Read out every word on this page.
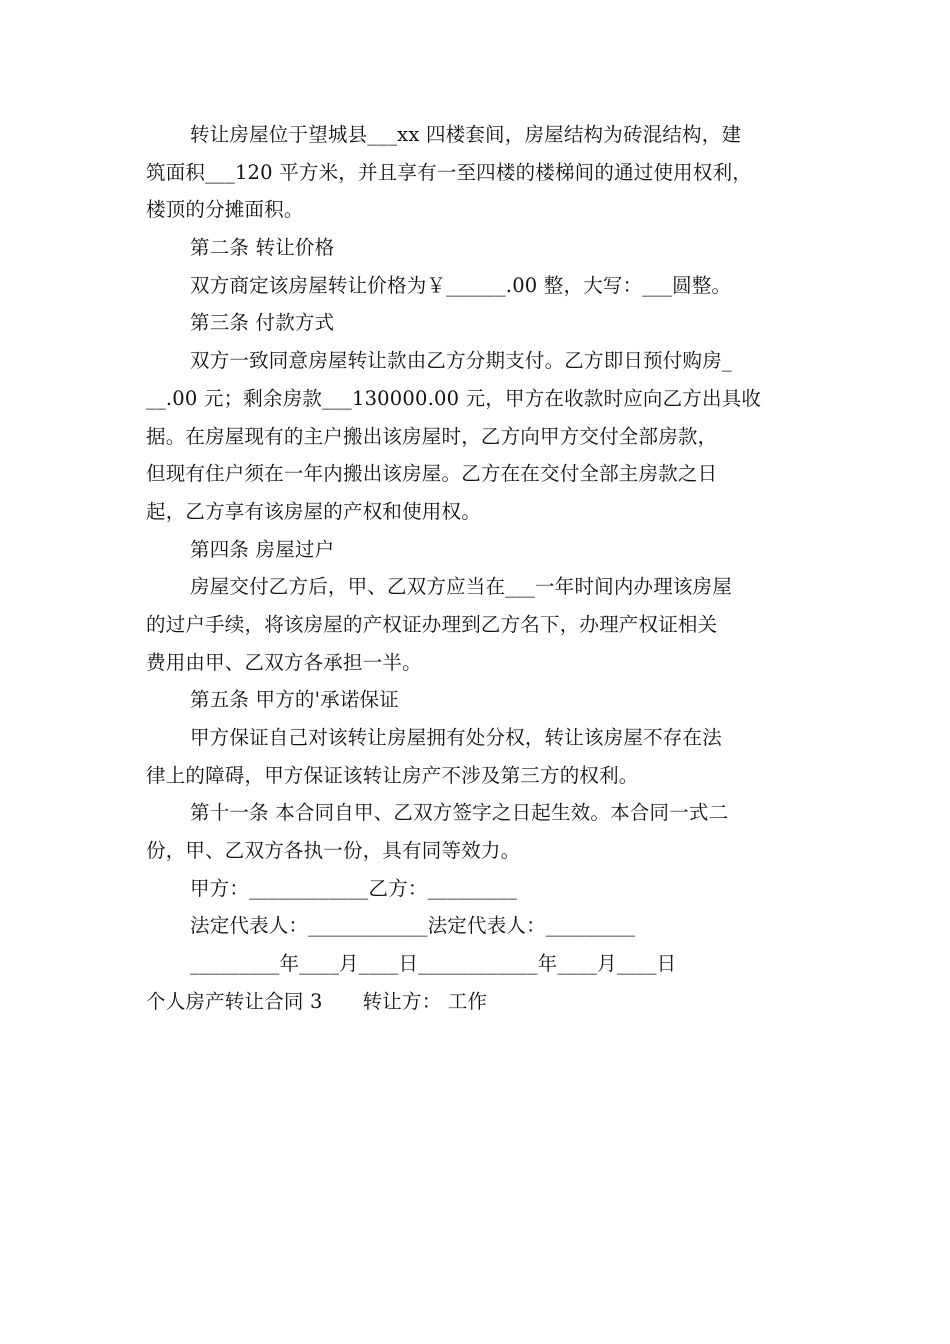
转让房屋位于望城县___xx 四楼套间，房屋结构为砖混结构，建
筑面积___120 平方米，并且享有一至四楼的楼梯间的通过使用权利，
楼顶的分摊面积。
第二条 转让价格
双方商定该房屋转让价格为￥______.00 整，大写：___圆整。
第三条 付款方式
双方一致同意房屋转让款由乙方分期支付。乙方即日预付购房_
__.00 元；剩余房款___130000.00 元，甲方在收款时应向乙方出具收
据。在房屋现有的主户搬出该房屋时，乙方向甲方交付全部房款，
但现有住户须在一年内搬出该房屋。乙方在在交付全部主房款之日
起，乙方享有该房屋的产权和使用权。
第四条 房屋过户
房屋交付乙方后，甲、乙双方应当在___一年时间内办理该房屋
的过户手续，将该房屋的产权证办理到乙方名下，办理产权证相关
费用由甲、乙双方各承担一半。
第五条 甲方的'承诺保证
甲方保证自己对该转让房屋拥有处分权，转让该房屋不存在法
律上的障碍，甲方保证该转让房产不涉及第三方的权利。
第十一条 本合同自甲、乙双方签字之日起生效。本合同一式二
份，甲、乙双方各执一份，具有同等效力。
甲方：____________乙方：_________
法定代表人：____________法定代表人：_________
_________年____月____日____________年____月____日
个人房产转让合同 3 转让方： 工作
